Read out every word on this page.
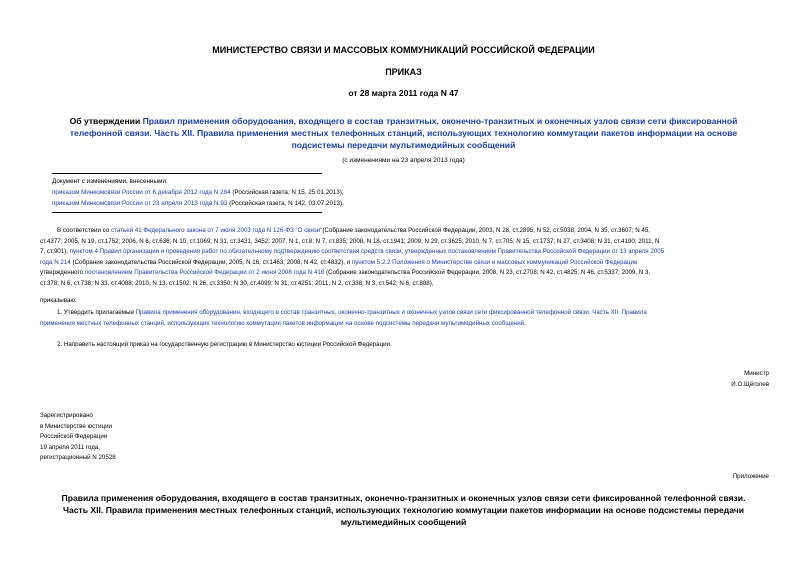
МИНИСТЕРСТВО СВЯЗИ И МАССОВЫХ КОММУНИКАЦИЙ РОССИЙСКОЙ ФЕДЕРАЦИИ
ПРИКАЗ
от 28 марта 2011 года N 47
Об утверждении Правил применения оборудования, входящего в состав транзитных, оконечно-транзитных и оконечных узлов связи сети фиксированной
телефонной связи. Часть XII. Правила применения местных телефонных станций, использующих технологию коммутации пакетов информации на основе
подсистемы передачи мультимедийных сообщений
(с изменениями на 23 апреля 2013 года)
Документ с изменениями, внесенными:
приказом Минкомсвязи России от 6 декабря 2012 года N 284 (Российская газета, N 15, 25.01.2013);
приказом Минкомсвязи России от 23 апреля 2013 года N 93 (Российская газета, N 142, 03.07.2013).
В соответствии со статьей 41 Федерального закона от 7 июля 2003 года N 126-ФЗ "О связи"(Собрание законодательства Российской Федерации, 2003, N 28, ст.2895; N 52, ст.5038; 2004, N 35, ст.3607; N 45,
ст.4377; 2005, N 19, ст.1752; 2006, N 6, ст.636; N 10, ст.1069; N 31, ст.3431, 3452; 2007, N 1, ст.8; N 7, ст.835; 2008, N 18, ст.1941; 2009, N 29, ст.3625; 2010, N 7, ст.705; N 15, ст.1737; N 27, ст.3408; N 31, ст.4190; 2011, N
7, ст.901), пунктом 4 Правил организации и проведения работ по обязательному подтверждению соответствия средств связи, утвержденных постановлением Правительства Российской Федерации от 13 апреля 2005
года N 214 (Собрание законодательства Российской Федерации, 2005, N 16, ст.1463; 2008, N 42, ст.4832), и пунктом 5.2.2 Положения о Министерстве связи и массовых коммуникаций Российской Федерации
утвержденного постановлением Правительства Российской Федерации от 2 июня 2008 года N 418 (Собрание законодательства Российской Федерации, 2008, N 23, ст.2708; N 42, ст.4825; N 46, ст.5337; 2009, N 3,
ст.378; N 6, ст.738; N 33, ст.4088; 2010, N 13, ст.1502; N 26, ст.3350; N 30, ст.4099; N 31, ст.4251; 2011, N 2, ст.338; N 3, ст.542; N 6, ст.888),
приказываю:
1. Утвердить прилагаемые Правила применения оборудования, входящего в состав транзитных, оконечно-транзитных и оконечных узлов связи сети фиксированной телефонной связи. Часть XII. Правила
применения местных телефонных станций, использующих технологию коммутации пакетов информации на основе подсистемы передачи мультимедийных сообщений.
2. Направить настоящий приказ на государственную регистрацию в Министерство юстиции Российской Федерации.
Министр
И.О.Щёголев
Зарегистрировано
в Министерстве юстиции
Российской Федерации
19 апреля 2011 года,
регистрационный N 20528
Приложение
Правила применения оборудования, входящего в состав транзитных, оконечно-транзитных и оконечных узлов связи сети фиксированной телефонной связи.
Часть XII. Правила применения местных телефонных станций, использующих технологию коммутации пакетов информации на основе подсистемы передачи
мультимедийных сообщений
